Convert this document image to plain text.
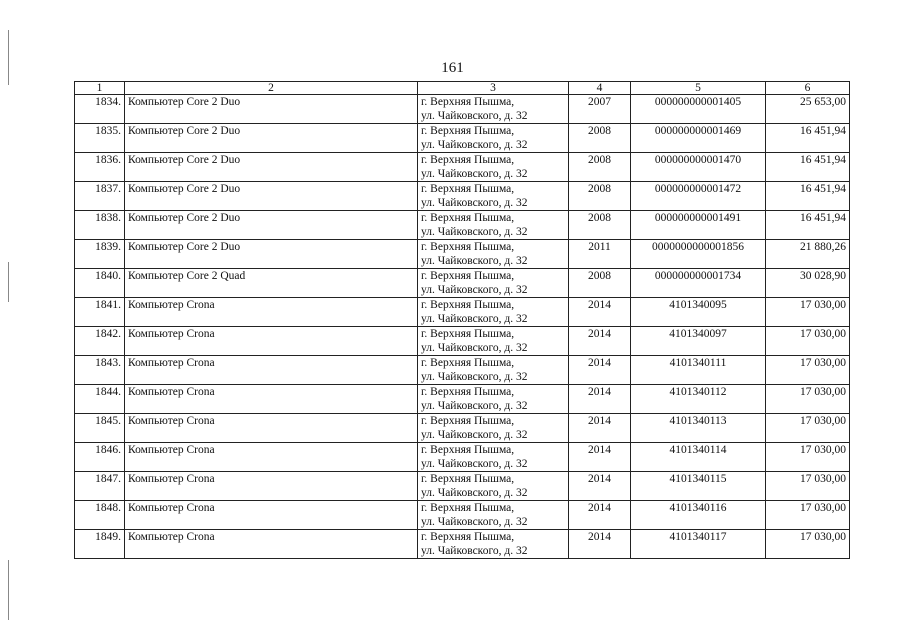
161
1	2	3	4	5	6
1834.	Компьютер Core 2 Duo	г. Верхняя Пышма,
ул. Чайковского, д. 32	2007	000000000001405	25 653,00
1835.	Компьютер Core 2 Duo	г. Верхняя Пышма,
ул. Чайковского, д. 32	2008	000000000001469	16 451,94
1836.	Компьютер Core 2 Duo	г. Верхняя Пышма,
ул. Чайковского, д. 32	2008	000000000001470	16 451,94
1837.	Компьютер Core 2 Duo	г. Верхняя Пышма,
ул. Чайковского, д. 32	2008	000000000001472	16 451,94
1838.	Компьютер Core 2 Duo	г. Верхняя Пышма,
ул. Чайковского, д. 32	2008	000000000001491	16 451,94
1839.	Компьютер Core 2 Duo	г. Верхняя Пышма,
ул. Чайковского, д. 32	2011	0000000000001856	21 880,26
1840.	Компьютер Core 2 Quad	г. Верхняя Пышма,
ул. Чайковского, д. 32	2008	000000000001734	30 028,90
1841.	Компьютер Crona	г. Верхняя Пышма,
ул. Чайковского, д. 32	2014	4101340095	17 030,00
1842.	Компьютер Crona	г. Верхняя Пышма,
ул. Чайковского, д. 32	2014	4101340097	17 030,00
1843.	Компьютер Crona	г. Верхняя Пышма,
ул. Чайковского, д. 32	2014	4101340111	17 030,00
1844.	Компьютер Crona	г. Верхняя Пышма,
ул. Чайковского, д. 32	2014	4101340112	17 030,00
1845.	Компьютер Crona	г. Верхняя Пышма,
ул. Чайковского, д. 32	2014	4101340113	17 030,00
1846.	Компьютер Crona	г. Верхняя Пышма,
ул. Чайковского, д. 32	2014	4101340114	17 030,00
1847.	Компьютер Crona	г. Верхняя Пышма,
ул. Чайковского, д. 32	2014	4101340115	17 030,00
1848.	Компьютер Crona	г. Верхняя Пышма,
ул. Чайковского, д. 32	2014	4101340116	17 030,00
1849.	Компьютер Crona	г. Верхняя Пышма,
ул. Чайковского, д. 32	2014	4101340117	17 030,00
